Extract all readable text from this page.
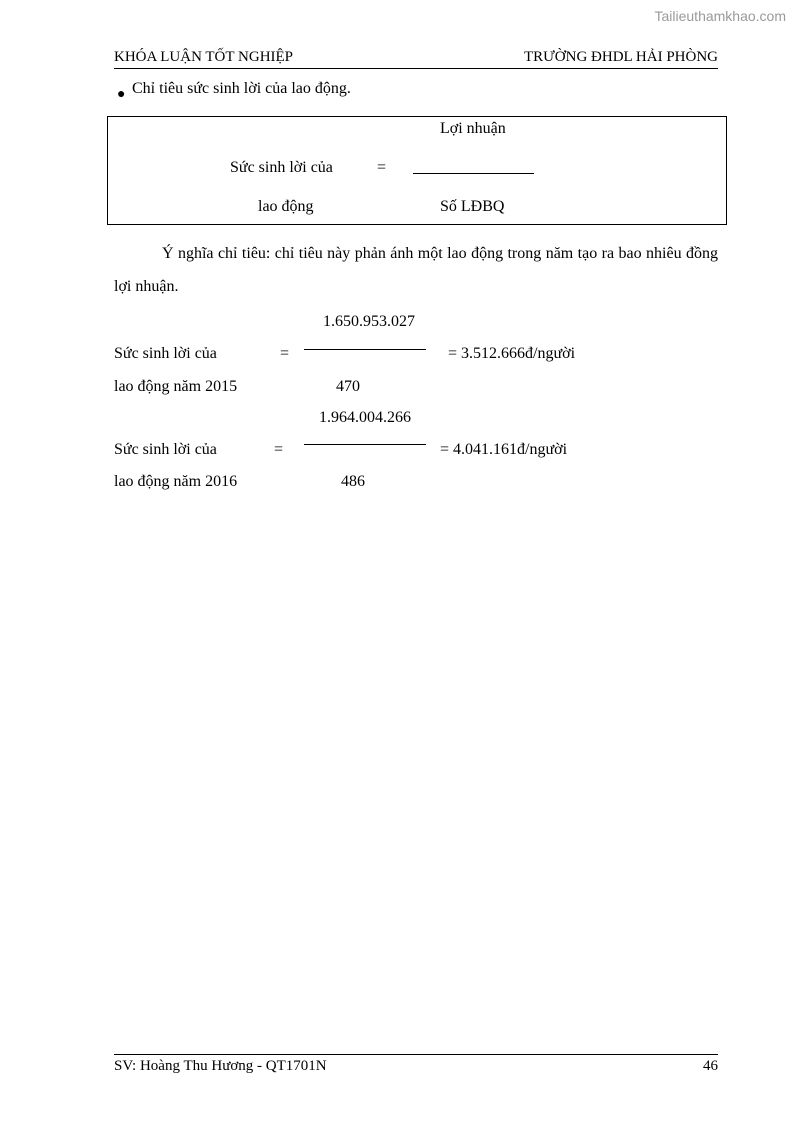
Tailieuthamkhao.com
KHÓA LUẬN TỐT NGHIỆP	TRƯỜNG ĐHDL HẢI PHÒNG
● Chỉ tiêu sức sinh lời của lao động.
Lợi nhuận
Sức sinh lời của	=
lao động	Số LĐBQ
Ý nghĩa chỉ tiêu: chỉ tiêu này phản ánh một lao động trong năm tạo ra bao nhiêu đồng lợi nhuận.
1.650.953.027
Sức sinh lời của	=	= 3.512.666đ/người
lao động năm 2015	470
1.964.004.266
Sức sinh lời của	=	= 4.041.161đ/người
lao động năm 2016	486
SV: Hoàng Thu Hương - QT1701N	46
